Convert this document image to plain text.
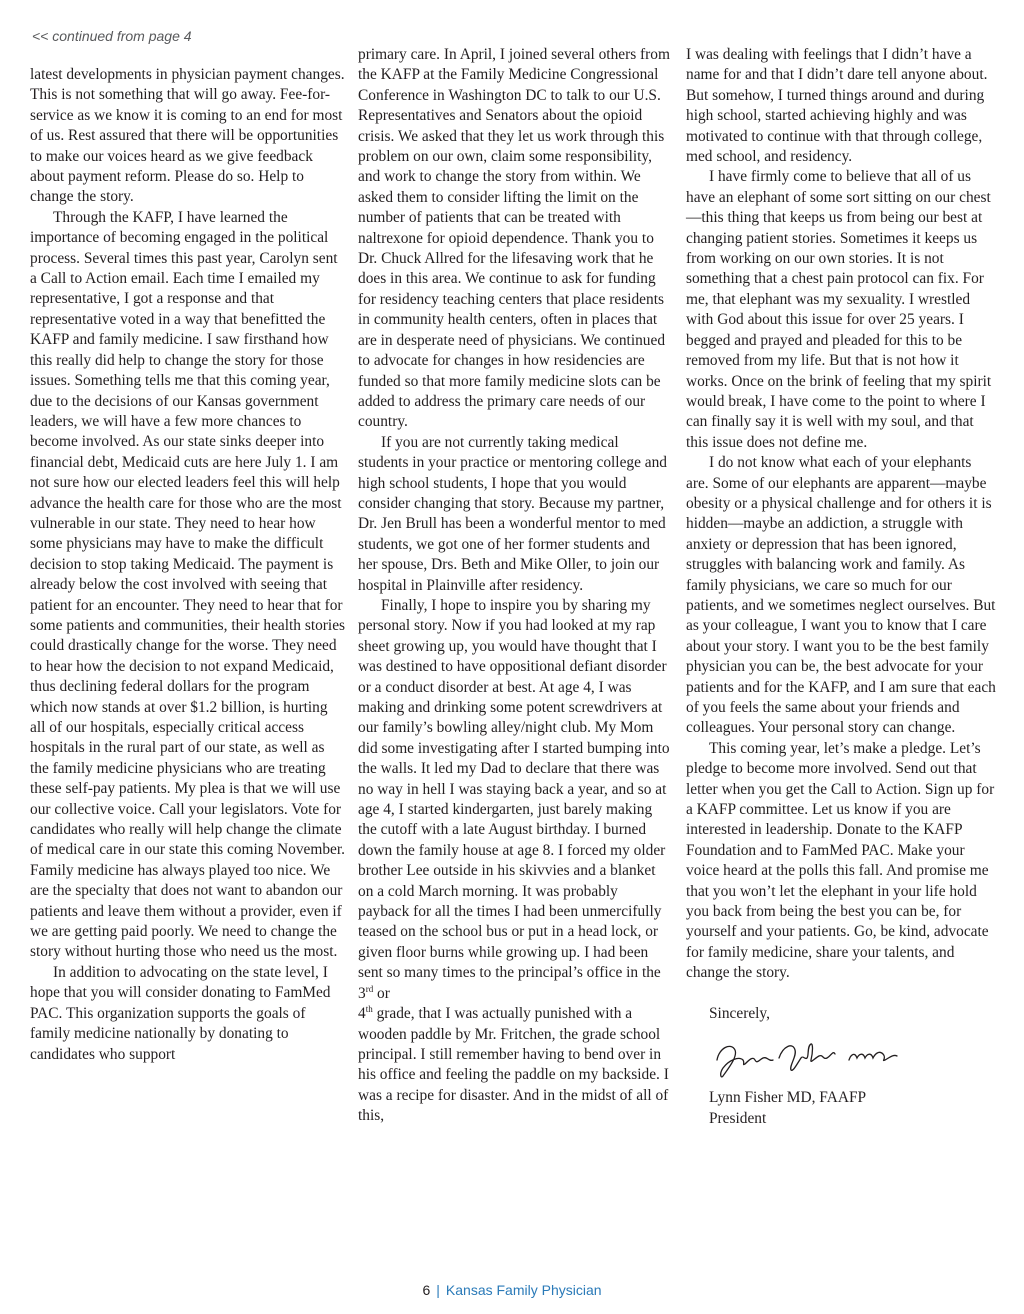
<< continued from page 4

latest developments in physician payment changes. This is not something that will go away. Fee-for-service as we know it is coming to an end for most of us. Rest assured that there will be opportunities to make our voices heard as we give feedback about payment reform. Please do so. Help to change the story.

Through the KAFP, I have learned the importance of becoming engaged in the political process. Several times this past year, Carolyn sent a Call to Action email. Each time I emailed my representative, I got a response and that representative voted in a way that benefitted the KAFP and family medicine. I saw firsthand how this really did help to change the story for those issues. Something tells me that this coming year, due to the decisions of our Kansas government leaders, we will have a few more chances to become involved. As our state sinks deeper into financial debt, Medicaid cuts are here July 1. I am not sure how our elected leaders feel this will help advance the health care for those who are the most vulnerable in our state. They need to hear how some physicians may have to make the difficult decision to stop taking Medicaid. The payment is already below the cost involved with seeing that patient for an encounter. They need to hear that for some patients and communities, their health stories could drastically change for the worse. They need to hear how the decision to not expand Medicaid, thus declining federal dollars for the program which now stands at over $1.2 billion, is hurting all of our hospitals, especially critical access hospitals in the rural part of our state, as well as the family medicine physicians who are treating these self-pay patients. My plea is that we will use our collective voice. Call your legislators. Vote for candidates who really will help change the climate of medical care in our state this coming November. Family medicine has always played too nice. We are the specialty that does not want to abandon our patients and leave them without a provider, even if we are getting paid poorly. We need to change the story without hurting those who need us the most.

In addition to advocating on the state level, I hope that you will consider donating to FamMed PAC. This organization supports the goals of family medicine nationally by donating to candidates who support

primary care. In April, I joined several others from the KAFP at the Family Medicine Congressional Conference in Washington DC to talk to our U.S. Representatives and Senators about the opioid crisis. We asked that they let us work through this problem on our own, claim some responsibility, and work to change the story from within. We asked them to consider lifting the limit on the number of patients that can be treated with naltrexone for opioid dependence. Thank you to Dr. Chuck Allred for the lifesaving work that he does in this area. We continue to ask for funding for residency teaching centers that place residents in community health centers, often in places that are in desperate need of physicians. We continued to advocate for changes in how residencies are funded so that more family medicine slots can be added to address the primary care needs of our country.

If you are not currently taking medical students in your practice or mentoring college and high school students, I hope that you would consider changing that story. Because my partner, Dr. Jen Brull has been a wonderful mentor to med students, we got one of her former students and her spouse, Drs. Beth and Mike Oller, to join our hospital in Plainville after residency.

Finally, I hope to inspire you by sharing my personal story. Now if you had looked at my rap sheet growing up, you would have thought that I was destined to have oppositional defiant disorder or a conduct disorder at best. At age 4, I was making and drinking some potent screwdrivers at our family’s bowling alley/night club. My Mom did some investigating after I started bumping into the walls. It led my Dad to declare that there was no way in hell I was staying back a year, and so at age 4, I started kindergarten, just barely making the cutoff with a late August birthday. I burned down the family house at age 8. I forced my older brother Lee outside in his skivvies and a blanket on a cold March morning. It was probably payback for all the times I had been unmercifully teased on the school bus or put in a head lock, or given floor burns while growing up. I had been sent so many times to the principal’s office in the 3rd or
4th grade, that I was actually punished with a wooden paddle by Mr. Fritchen, the grade school principal. I still remember having to bend over in his office and feeling the paddle on my backside. I was a recipe for disaster. And in the midst of all of this,

I was dealing with feelings that I didn’t have a name for and that I didn’t dare tell anyone about. But somehow, I turned things around and during high school, started achieving highly and was motivated to continue with that through college, med school, and residency.

I have firmly come to believe that all of us have an elephant of some sort sitting on our chest—this thing that keeps us from being our best at changing patient stories. Sometimes it keeps us from working on our own stories. It is not something that a chest pain protocol can fix. For me, that elephant was my sexuality. I wrestled with God about this issue for over 25 years. I begged and prayed and pleaded for this to be removed from my life. But that is not how it works. Once on the brink of feeling that my spirit would break, I have come to the point to where I can finally say it is well with my soul, and that this issue does not define me.

I do not know what each of your elephants are. Some of our elephants are apparent—maybe obesity or a physical challenge and for others it is hidden—maybe an addiction, a struggle with anxiety or depression that has been ignored, struggles with balancing work and family. As family physicians, we care so much for our patients, and we sometimes neglect ourselves. But as your colleague, I want you to know that I care about your story. I want you to be the best family physician you can be, the best advocate for your patients and for the KAFP, and I am sure that each of you feels the same about your friends and colleagues. Your personal story can change.

This coming year, let’s make a pledge. Let’s pledge to become more involved. Send out that letter when you get the Call to Action. Sign up for a KAFP committee. Let us know if you are interested in leadership. Donate to the KAFP Foundation and to FamMed PAC. Make your voice heard at the polls this fall. And promise me that you won’t let the elephant in your life hold you back from being the best you can be, for yourself and your patients. Go, be kind, advocate for family medicine, share your talents, and change the story.

Sincerely,
Lynn Fisher MD, FAAFP
President
6 | Kansas Family Physician
